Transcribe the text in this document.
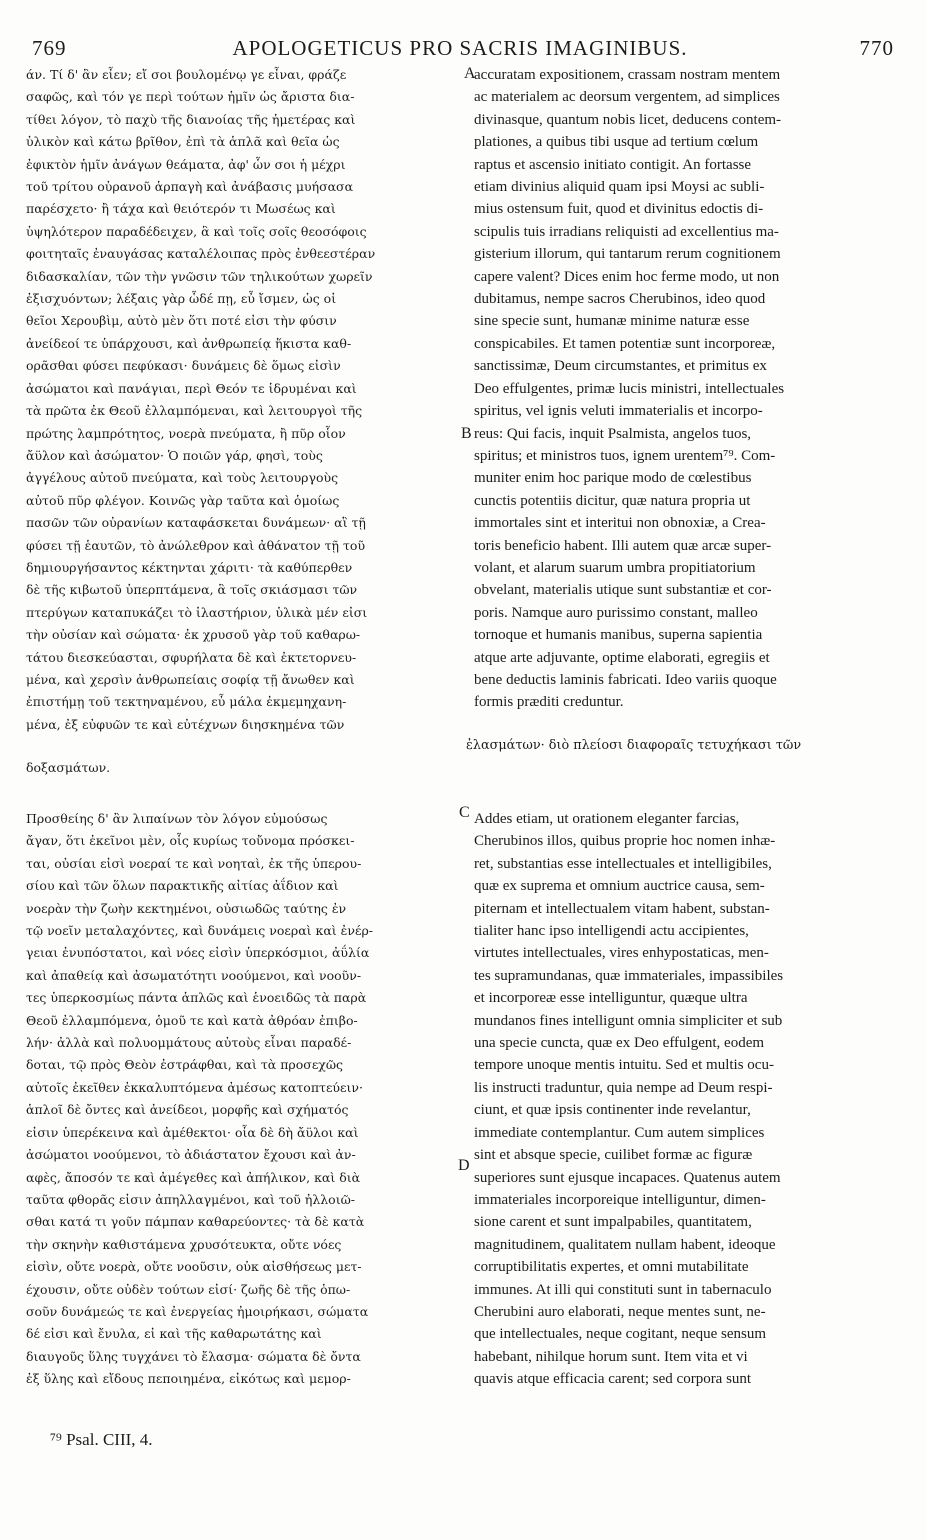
769	APOLOGETICUS PRO SACRIS IMAGINIBUS.	770
A
B
C
D
άν. Τί δ' ἂν εἶεν; εἴ σοι βουλομένῳ γε εἶναι, φράζε
σαφῶς, καὶ τόν γε περὶ τούτων ἡμῖν ὡς ἄριστα δια-
τίθει λόγον, τὸ παχὺ τῆς διανοίας τῆς ἡμετέρας καὶ
ὑλικὸν καὶ κάτω βρῖθον, ἐπὶ τὰ ἁπλᾶ καὶ θεῖα ὡς
ἐφικτὸν ἡμῖν ἀνάγων θεάματα, ἀφ' ὧν σοι ἡ μέχρι
τοῦ τρίτου οὐρανοῦ ἁρπαγὴ καὶ ἀνάβασις μυήσασα
παρέσχετο· ἢ τάχα καὶ θειότερόν τι Μωσέως καὶ
ὑψηλότερον παραδέδειχεν, ἃ καὶ τοῖς σοῖς θεοσόφοις
φοιτηταῖς ἐναυγάσας καταλέλοιπας πρὸς ἐνθεεστέραν
διδασκαλίαν, τῶν τὴν γνῶσιν τῶν τηλικούτων χωρεῖν
ἐξισχυόντων; λέξαις γὰρ ὧδέ πῃ, εὖ ἴσμεν, ὡς οἱ
θεῖοι Χερουβὶμ, αὐτὸ μὲν ὅτι ποτέ εἰσι τὴν φύσιν
ἀνείδεοί τε ὑπάρχουσι, καὶ ἀνθρωπείᾳ ἥκιστα καθ-
ορᾶσθαι φύσει πεφύκασι· δυνάμεις δὲ ὅμως εἰσὶν
ἀσώματοι καὶ πανάγιαι, περὶ Θεόν τε ἱδρυμέναι καὶ
τὰ πρῶτα ἐκ Θεοῦ ἐλλαμπόμεναι, καὶ λειτουργοὶ τῆς
πρώτης λαμπρότητος, νοερὰ πνεύματα, ἢ πῦρ οἷον
ἄϋλον καὶ ἀσώματον· Ὁ ποιῶν γάρ, φησὶ, τοὺς
ἀγγέλους αὐτοῦ πνεύματα, καὶ τοὺς λειτουργοὺς
αὐτοῦ πῦρ φλέγον. Κοινῶς γὰρ ταῦτα καὶ ὁμοίως
πασῶν τῶν οὐρανίων καταφάσκεται δυνάμεων· αἳ τῇ
φύσει τῇ ἑαυτῶν, τὸ ἀνώλεθρον καὶ ἀθάνατον τῇ τοῦ
δημιουργήσαντος κέκτηνται χάριτι· τὰ καθύπερθεν
δὲ τῆς κιβωτοῦ ὑπερπτάμενα, ἃ τοῖς σκιάσμασι τῶν
πτερύγων καταπυκάζει τὸ ἱλαστήριον, ὑλικὰ μέν εἰσι
τὴν οὐσίαν καὶ σώματα· ἐκ χρυσοῦ γὰρ τοῦ καθαρω-
τάτου διεσκεύασται, σφυρήλατα δὲ καὶ ἐκτετορνευ-
μένα, καὶ χερσὶν ἀνθρωπείαις σοφίᾳ τῇ ἄνωθεν καὶ
ἐπιστήμῃ τοῦ τεκτηναμένου, εὖ μάλα ἐκμεμηχανη-
μένα, ἐξ εὐφυῶν τε καὶ εὐτέχνων διησκημένα τῶν
accuratam expositionem, crassam nostram mentem
ac materialem ac deorsum vergentem, ad simplices
divinasque, quantum nobis licet, deducens contem-
plationes, a quibus tibi usque ad tertium cœlum
raptus et ascensio initiato contigit. An fortasse
etiam divinius aliquid quam ipsi Moysi ac subli-
mius ostensum fuit, quod et divinitus edoctis di-
scipulis tuis irradians reliquisti ad excellentius ma-
gisterium illorum, qui tantarum rerum cognitionem
capere valent? Dices enim hoc ferme modo, ut non
dubitamus, nempe sacros Cherubinos, ideo quod
sine specie sunt, humanæ minime naturæ esse
conspicabiles. Et tamen potentiæ sunt incorporeæ,
sanctissimæ, Deum circumstantes, et primitus ex
Deo effulgentes, primæ lucis ministri, intellectuales
spiritus, vel ignis veluti immaterialis et incorpo-
reus: Qui facis, inquit Psalmista, angelos tuos,
spiritus; et ministros tuos, ignem urentem⁷⁹. Com-
muniter enim hoc parique modo de cœlestibus
cunctis potentiis dicitur, quæ natura propria ut
immortales sint et interitui non obnoxiæ, a Crea-
toris beneficio habent. Illi autem quæ arcæ super-
volant, et alarum suarum umbra propitiatorium
obvelant, materialis utique sunt substantiæ et cor-
poris. Namque auro purissimo constant, malleo
tornoque et humanis manibus, superna sapientia
atque arte adjuvante, optime elaborati, egregiis et
bene deductis laminis fabricati. Ideo variis quoque
formis præditi creduntur.
ἐλασμάτων· διὸ πλείοσι διαφοραῖς τετυχήκασι τῶν
δοξασμάτων.
Προσθείης δ' ἂν λιπαίνων τὸν λόγον εὐμούσως
ἄγαν, ὅτι ἐκεῖνοι μὲν, οἷς κυρίως τοὔνομα πρόσκει-
ται, οὐσίαι εἰσὶ νοεραί τε καὶ νοηταὶ, ἐκ τῆς ὑπερου-
σίου καὶ τῶν ὅλων παρακτικῆς αἰτίας ἀΐδιον καὶ
νοερὰν τὴν ζωὴν κεκτημένοι, οὐσιωδῶς ταύτης ἐν
τῷ νοεῖν μεταλαχόντες, καὶ δυνάμεις νοεραὶ καὶ ἐνέρ-
γειαι ἐνυπόστατοι, καὶ νόες εἰσὶν ὑπερκόσμιοι, ἀΰλία
καὶ ἀπαθείᾳ καὶ ἀσωματότητι νοούμενοι, καὶ νοοῦν-
τες ὑπερκοσμίως πάντα ἁπλῶς καὶ ἑνοειδῶς τὰ παρὰ
Θεοῦ ἐλλαμπόμενα, ὁμοῦ τε καὶ κατὰ ἀθρόαν ἐπιβο-
λήν· ἀλλὰ καὶ πολυομμάτους αὐτοὺς εἶναι παραδέ-
δοται, τῷ πρὸς Θεὸν ἐστράφθαι, καὶ τὰ προσεχῶς
αὐτοῖς ἐκεῖθεν ἐκκαλυπτόμενα ἀμέσως κατοπτεύειν·
ἁπλοῖ δὲ ὄντες καὶ ἀνείδεοι, μορφῆς καὶ σχήματός
εἰσιν ὑπερέκεινα καὶ ἀμέθεκτοι· οἷα δὲ δὴ ἄϋλοι καὶ
ἀσώματοι νοούμενοι, τὸ ἀδιάστατον ἔχουσι καὶ ἀν-
αφὲς, ἄποσόν τε καὶ ἀμέγεθες καὶ ἀπήλικον, καὶ διὰ
ταῦτα φθορᾶς εἰσιν ἀπηλλαγμένοι, καὶ τοῦ ἠλλοιῶ-
σθαι κατά τι γοῦν πάμπαν καθαρεύοντες· τὰ δὲ κατὰ
τὴν σκηνὴν καθιστάμενα χρυσότευκτα, οὔτε νόες
εἰσὶν, οὔτε νοερὰ, οὔτε νοοῦσιν, οὐκ αἰσθήσεως μετ-
έχουσιν, οὔτε οὐδὲν τούτων εἰσί· ζωῆς δὲ τῆς ὁπω-
σοῦν δυνάμεώς τε καὶ ἐνεργείας ἠμοιρήκασι, σώματα
δέ εἰσι καὶ ἔνυλα, εἰ καὶ τῆς καθαρωτάτης καὶ
διαυγοῦς ὕλης τυγχάνει τὸ ἔλασμα· σώματα δὲ ὄντα
ἐξ ὕλης καὶ εἴδους πεποιημένα, εἰκότως καὶ μεμορ-
Addes etiam, ut orationem eleganter farcias,
Cherubinos illos, quibus proprie hoc nomen inhæ-
ret, substantias esse intellectuales et intelligibiles,
quæ ex suprema et omnium auctrice causa, sem-
piternam et intellectualem vitam habent, substan-
tialiter hanc ipso intelligendi actu accipientes,
virtutes intellectuales, vires enhypostaticas, men-
tes supramundanas, quæ immateriales, impassibiles
et incorporeæ esse intelliguntur, quæque ultra
mundanos fines intelligunt omnia simpliciter et sub
una specie cuncta, quæ ex Deo effulgent, eodem
tempore unoque mentis intuitu. Sed et multis ocu-
lis instructi traduntur, quia nempe ad Deum respi-
ciunt, et quæ ipsis continenter inde revelantur,
immediate contemplantur. Cum autem simplices
sint et absque specie, cuilibet formæ ac figuræ
superiores sunt ejusque incapaces. Quatenus autem
immateriales incorporeique intelliguntur, dimen-
sione carent et sunt impalpabiles, quantitatem,
magnitudinem, qualitatem nullam habent, ideoque
corruptibilitatis expertes, et omni mutabilitate
immunes. At illi qui constituti sunt in tabernaculo
Cherubini auro elaborati, neque mentes sunt, ne-
que intellectuales, neque cogitant, neque sensum
habebant, nihilque horum sunt. Item vita et vi
quavis atque efficacia carent; sed corpora sunt
⁷⁹ Psal. CIII, 4.
